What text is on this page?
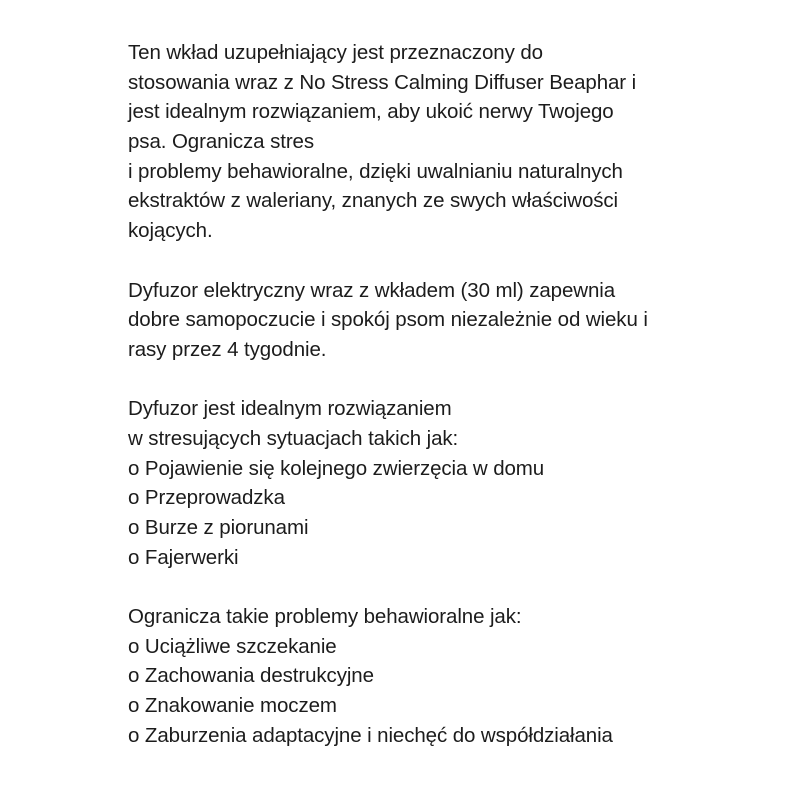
Ten wkład uzupełniający jest przeznaczony do
stosowania wraz z No Stress Calming Diffuser Beaphar i
jest idealnym rozwiązaniem, aby ukoić nerwy Twojego
psa. Ogranicza stres
i problemy behawioralne, dzięki uwalnianiu naturalnych
ekstraktów z waleriany, znanych ze swych właściwości
kojących.
Dyfuzor elektryczny wraz z wkładem (30 ml) zapewnia
dobre samopoczucie i spokój psom niezależnie od wieku i
rasy przez 4 tygodnie.
Dyfuzor jest idealnym rozwiązaniem
w stresujących sytuacjach takich jak:
o Pojawienie się kolejnego zwierzęcia w domu
o Przeprowadzka
o Burze z piorunami
o Fajerwerki
Ogranicza takie problemy behawioralne jak:
o Uciążliwe szczekanie
o Zachowania destrukcyjne
o Znakowanie moczem
o Zaburzenia adaptacyjne i niechęć do współdziałania
